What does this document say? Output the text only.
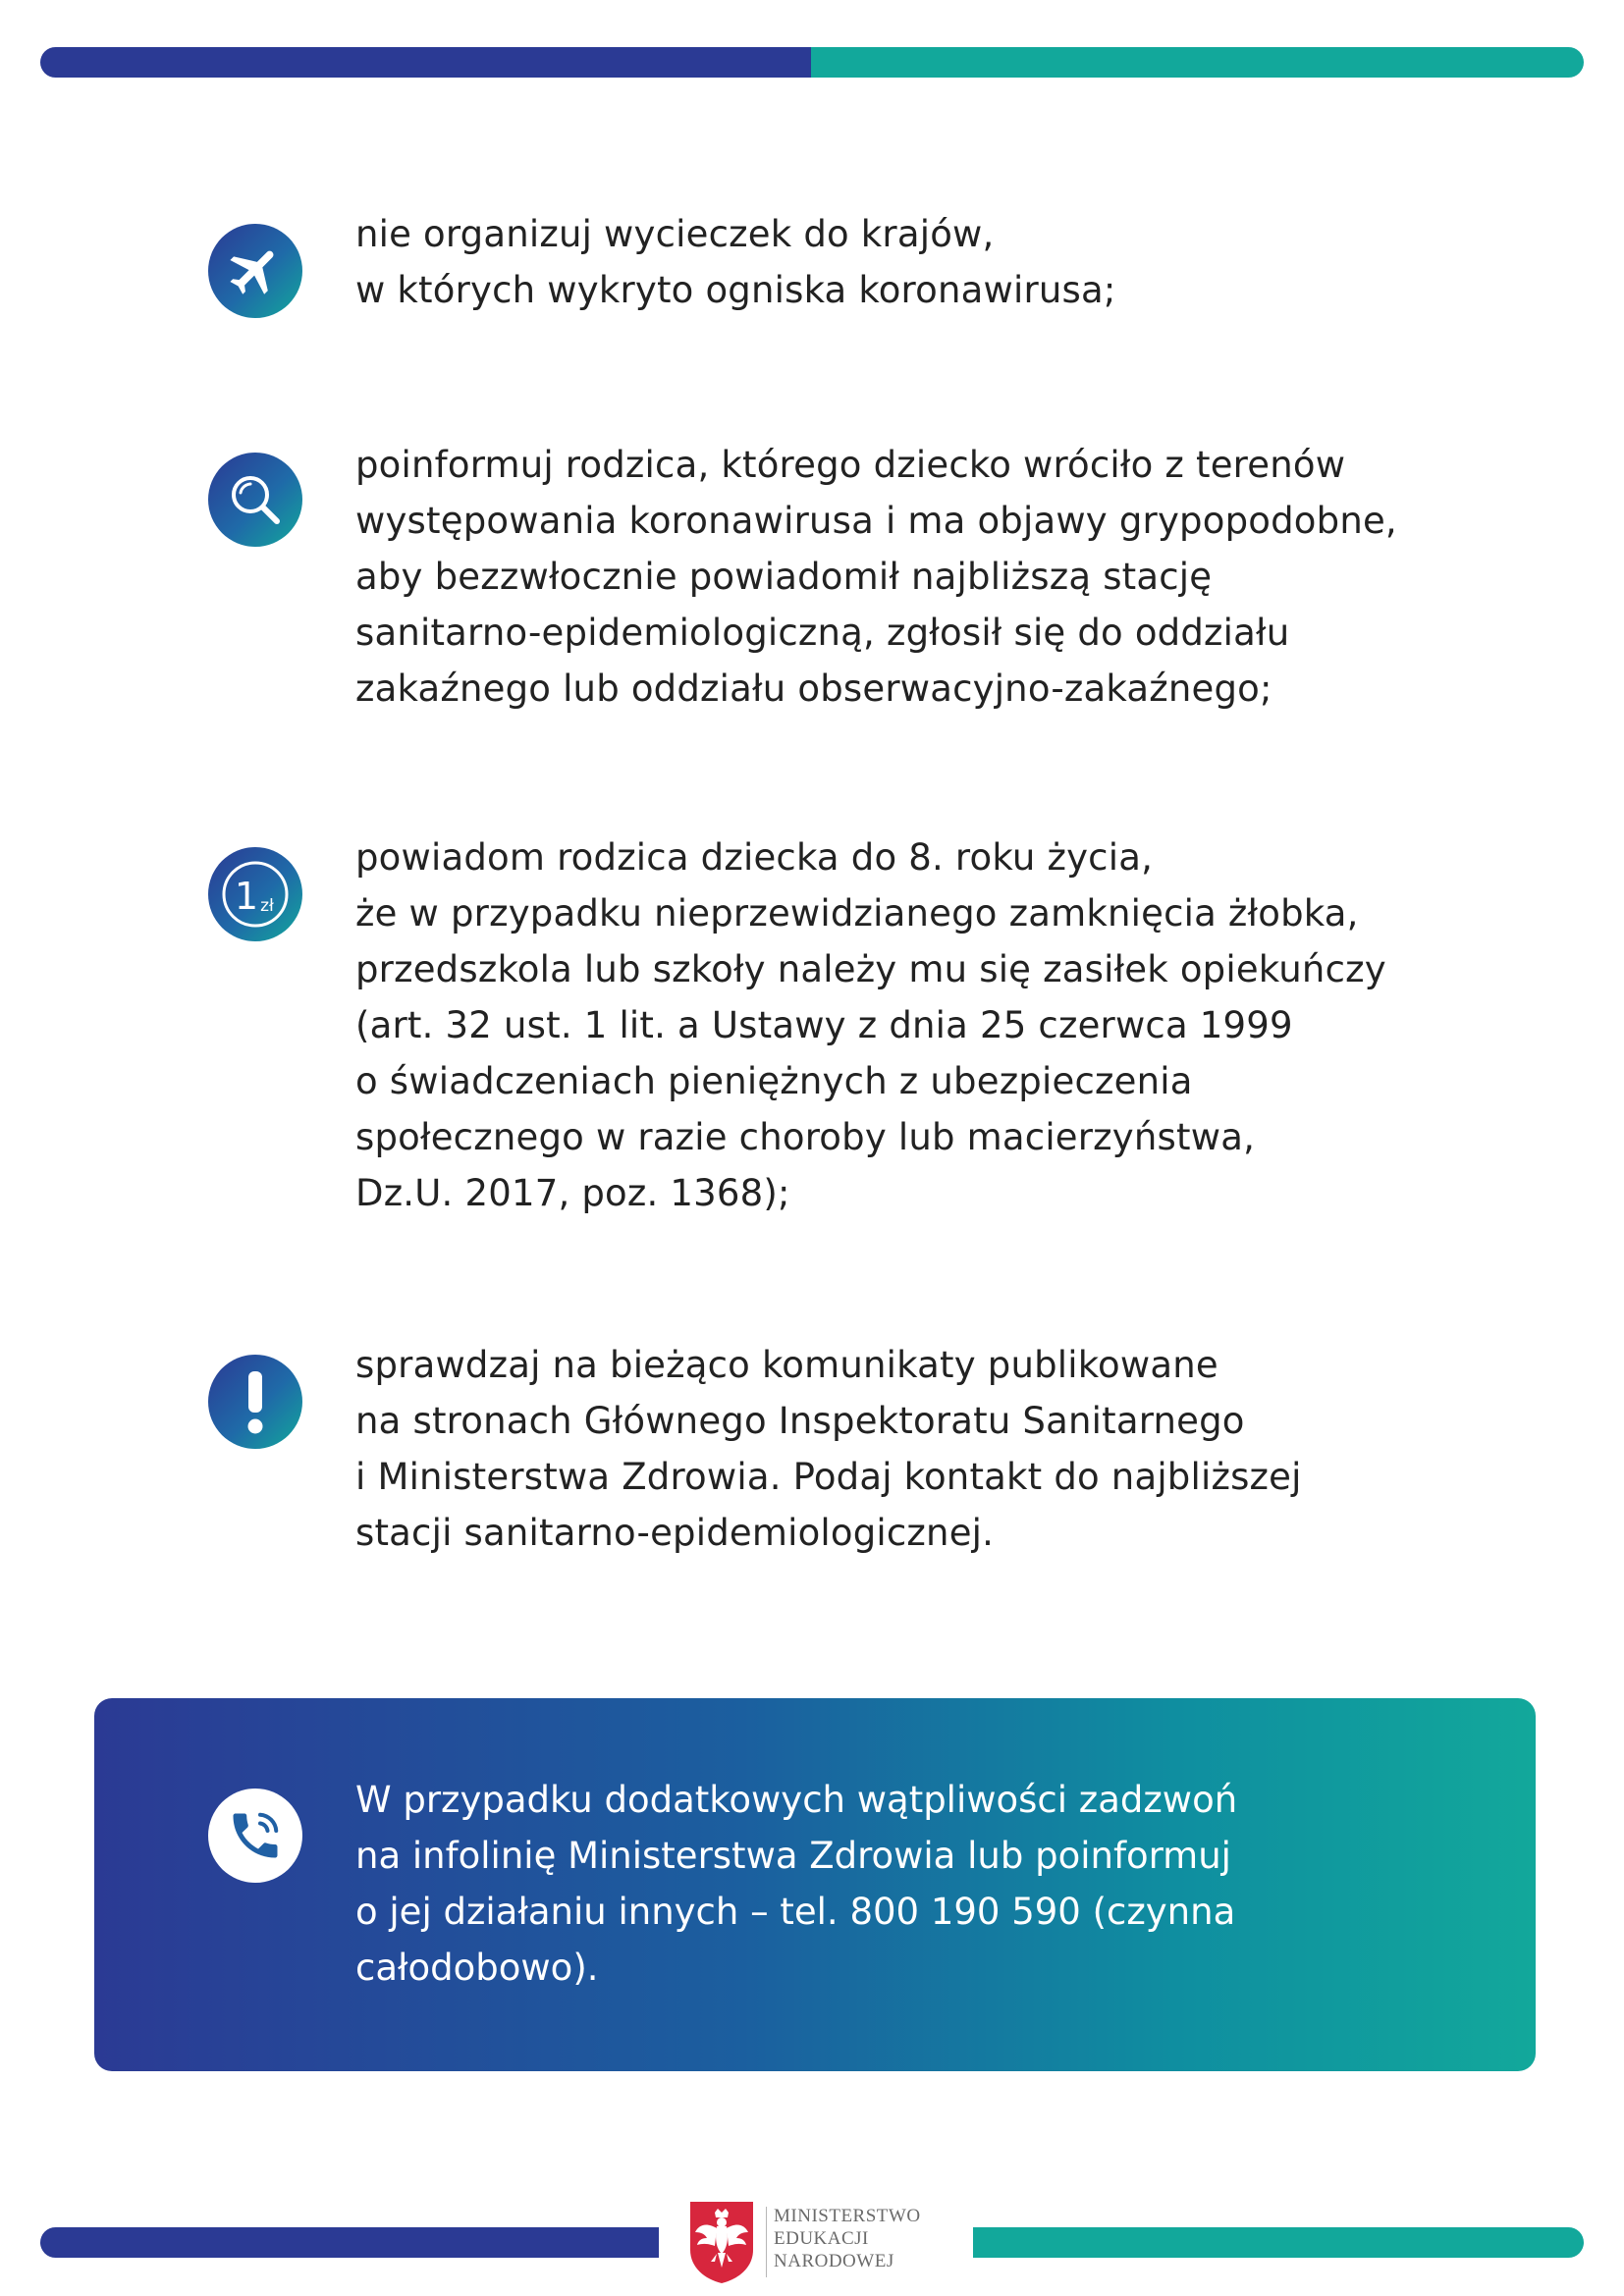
nie organizuj wycieczek do krajów,
w których wykryto ogniska koronawirusa;
poinformuj rodzica, którego dziecko wróciło z terenów
występowania koronawirusa i ma objawy grypopodobne,
aby bezzwłocznie powiadomił najbliższą stację
sanitarno-epidemiologiczną, zgłosił się do oddziału
zakaźnego lub oddziału obserwacyjno-zakaźnego;
1 zł
powiadom rodzica dziecka do 8. roku życia,
że w przypadku nieprzewidzianego zamknięcia żłobka,
przedszkola lub szkoły należy mu się zasiłek opiekuńczy
(art. 32 ust. 1 lit. a Ustawy z dnia 25 czerwca 1999
o świadczeniach pieniężnych z ubezpieczenia
społecznego w razie choroby lub macierzyństwa,
Dz.U. 2017, poz. 1368);
sprawdzaj na bieżąco komunikaty publikowane
na stronach Głównego Inspektoratu Sanitarnego
i Ministerstwa Zdrowia. Podaj kontakt do najbliższej
stacji sanitarno-epidemiologicznej.
W przypadku dodatkowych wątpliwości zadzwoń
na infolinię Ministerstwa Zdrowia lub poinformuj
o jej działaniu innych – tel. 800 190 590 (czynna
całodobowo).
MINISTERSTWO
EDUKACJI
NARODOWEJ
